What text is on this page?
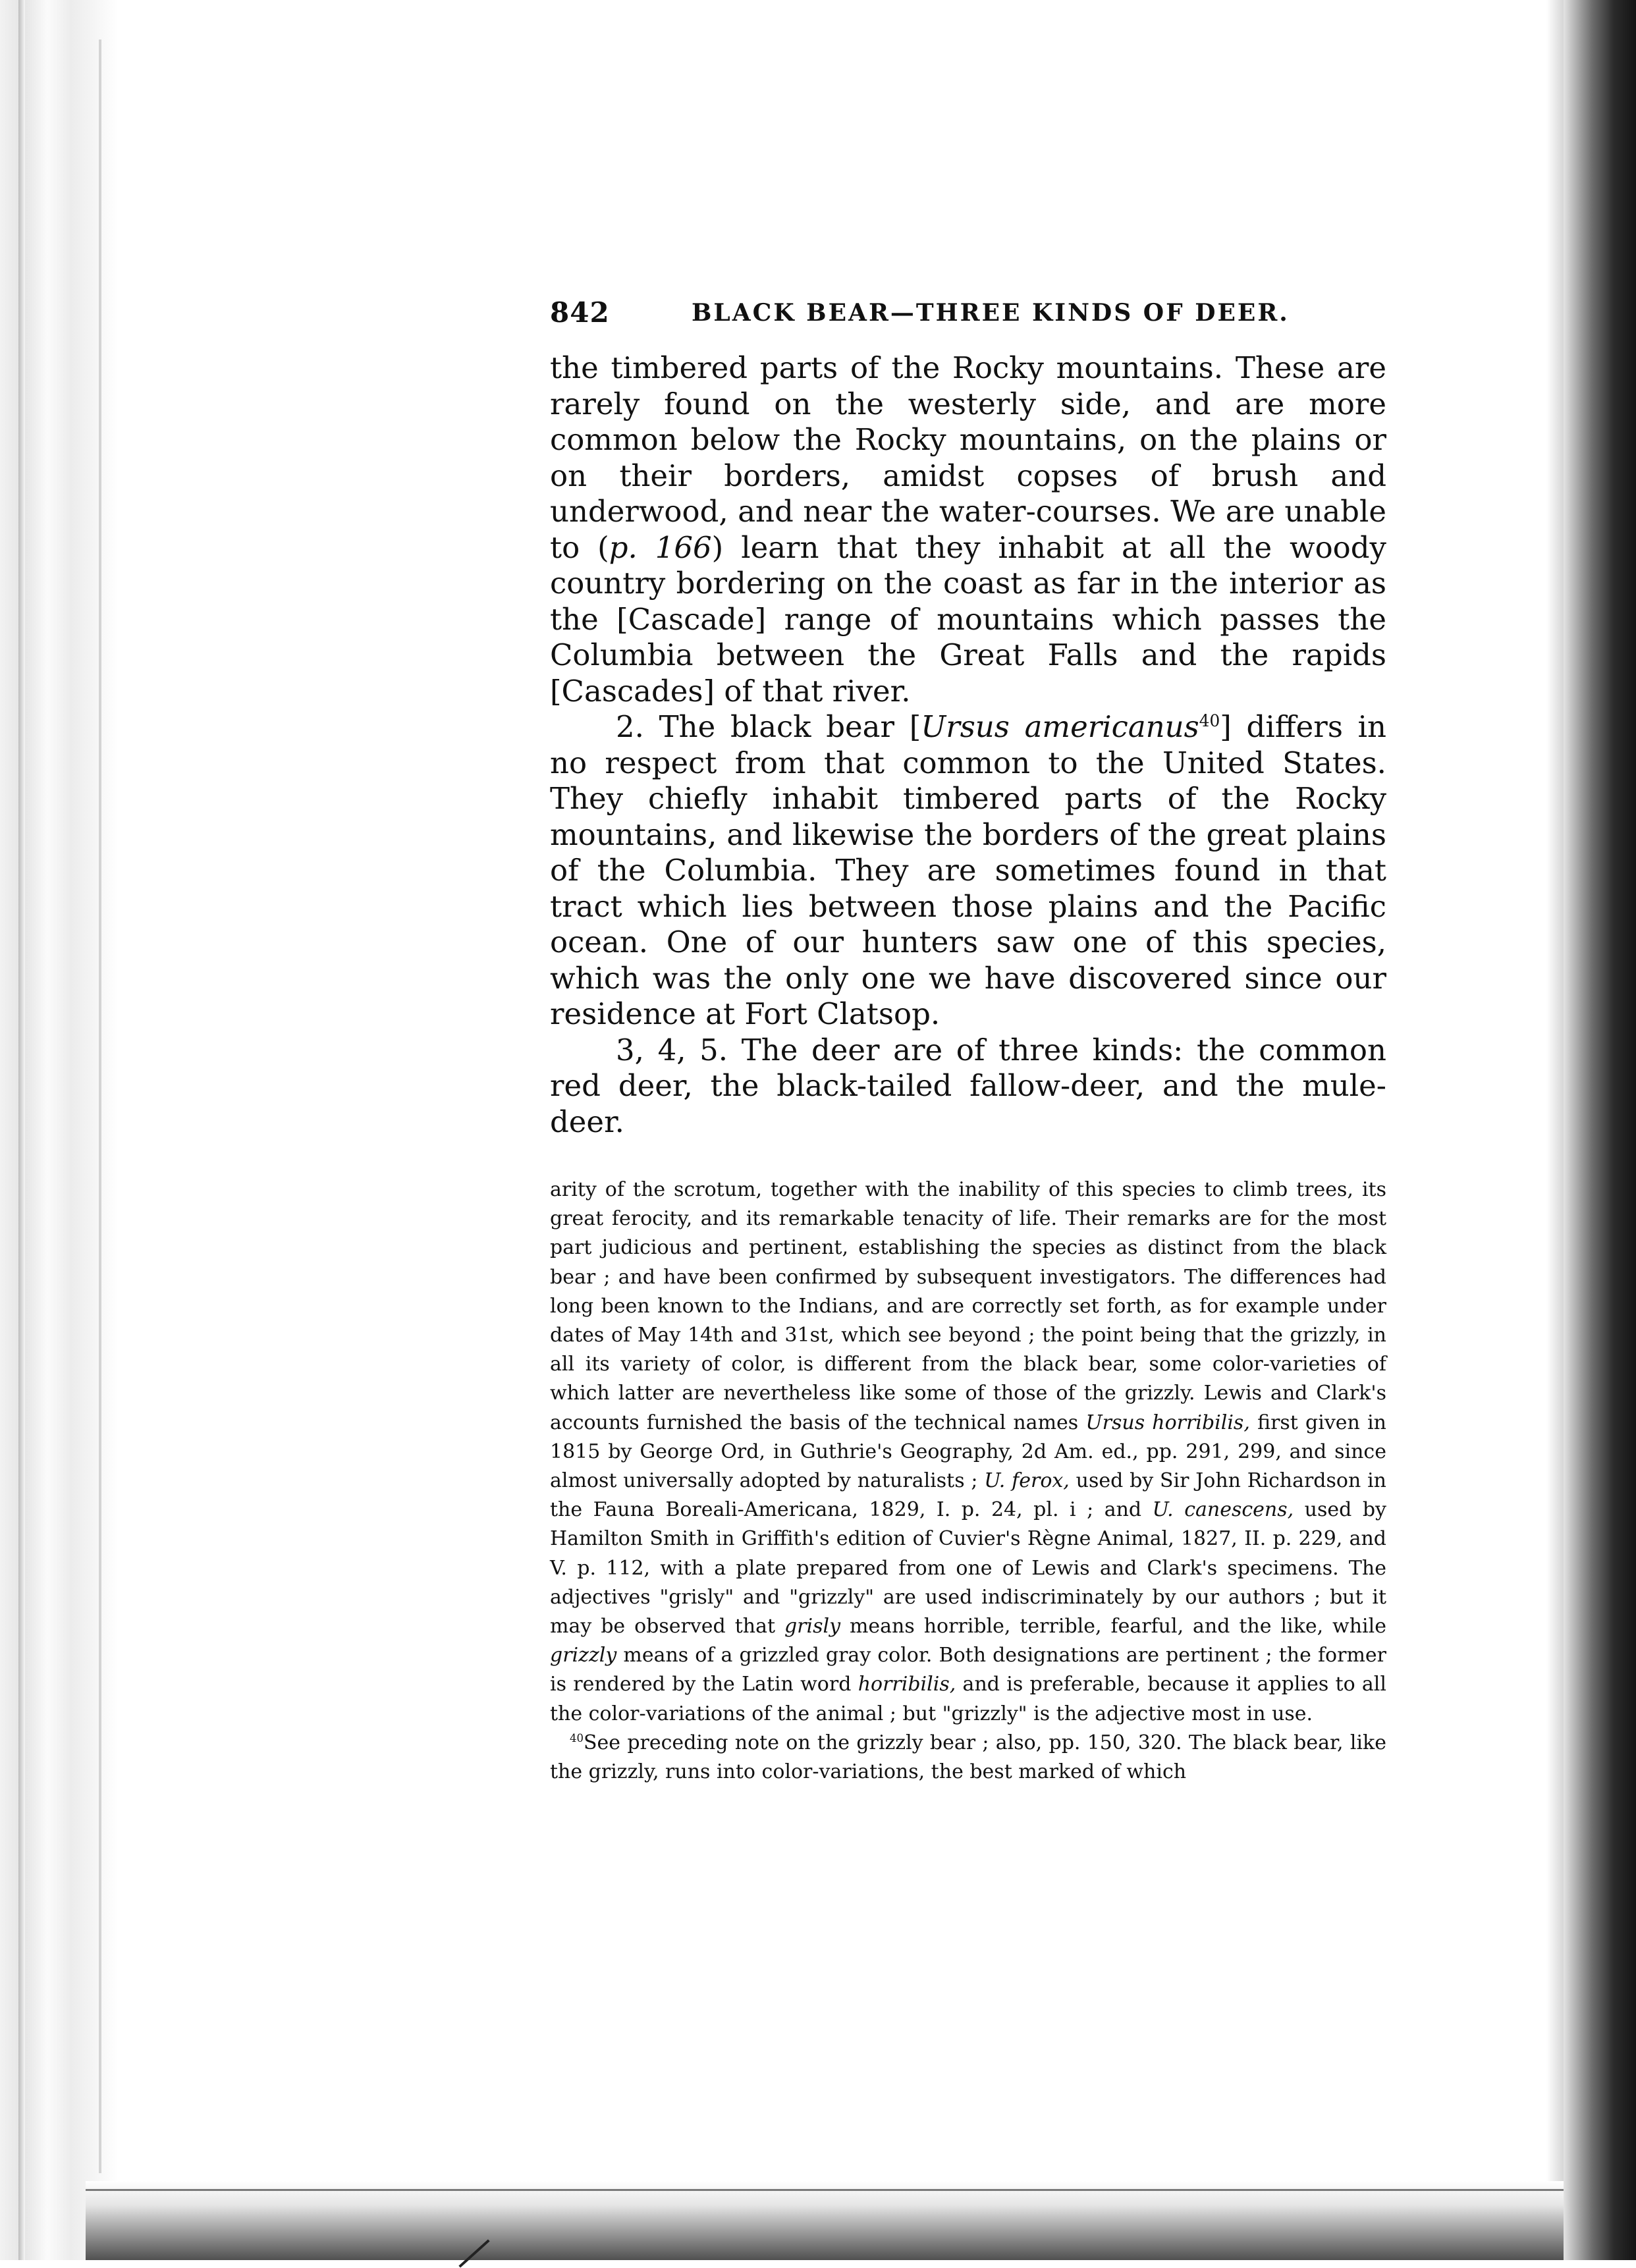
842	BLACK BEAR—THREE KINDS OF DEER.

the timbered parts of the Rocky mountains. These are rarely found on the westerly side, and are more common below the Rocky mountains, on the plains or on their borders, amidst copses of brush and underwood, and near the water-courses. We are unable to (p. 166) learn that they inhabit at all the woody country bordering on the coast as far in the interior as the [Cascade] range of mountains which passes the Columbia between the Great Falls and the rapids [Cascades] of that river.

2. The black bear [Ursus americanus$^{40}$] differs in no respect from that common to the United States. They chiefly inhabit timbered parts of the Rocky mountains, and likewise the borders of the great plains of the Columbia. They are sometimes found in that tract which lies between those plains and the Pacific ocean. One of our hunters saw one of this species, which was the only one we have discovered since our residence at Fort Clatsop.

3, 4, 5. The deer are of three kinds: the common red deer, the black-tailed fallow-deer, and the mule-deer.

arity of the scrotum, together with the inability of this species to climb trees, its great ferocity, and its remarkable tenacity of life. Their remarks are for the most part judicious and pertinent, establishing the species as distinct from the black bear ; and have been confirmed by subsequent investigators. The differences had long been known to the Indians, and are correctly set forth, as for example under dates of May 14th and 31st, which see beyond ; the point being that the grizzly, in all its variety of color, is different from the black bear, some color-varieties of which latter are nevertheless like some of those of the grizzly. Lewis and Clark's accounts furnished the basis of the technical names Ursus horribilis, first given in 1815 by George Ord, in Guthrie's Geography, 2d Am. ed., pp. 291, 299, and since almost universally adopted by naturalists ; U. ferox, used by Sir John Richardson in the Fauna Boreali-Americana, 1829, I. p. 24, pl. i ; and U. canescens, used by Hamilton Smith in Griffith's edition of Cuvier's Règne Animal, 1827, II. p. 229, and V. p. 112, with a plate prepared from one of Lewis and Clark's specimens. The adjectives "grisly" and "grizzly" are used indiscriminately by our authors ; but it may be observed that grisly means horrible, terrible, fearful, and the like, while grizzly means of a grizzled gray color. Both designations are pertinent ; the former is rendered by the Latin word horribilis, and is preferable, because it applies to all the color-variations of the animal ; but "grizzly" is the adjective most in use.

$^{40}$See preceding note on the grizzly bear ; also, pp. 150, 320. The black bear, like the grizzly, runs into color-variations, the best marked of which
